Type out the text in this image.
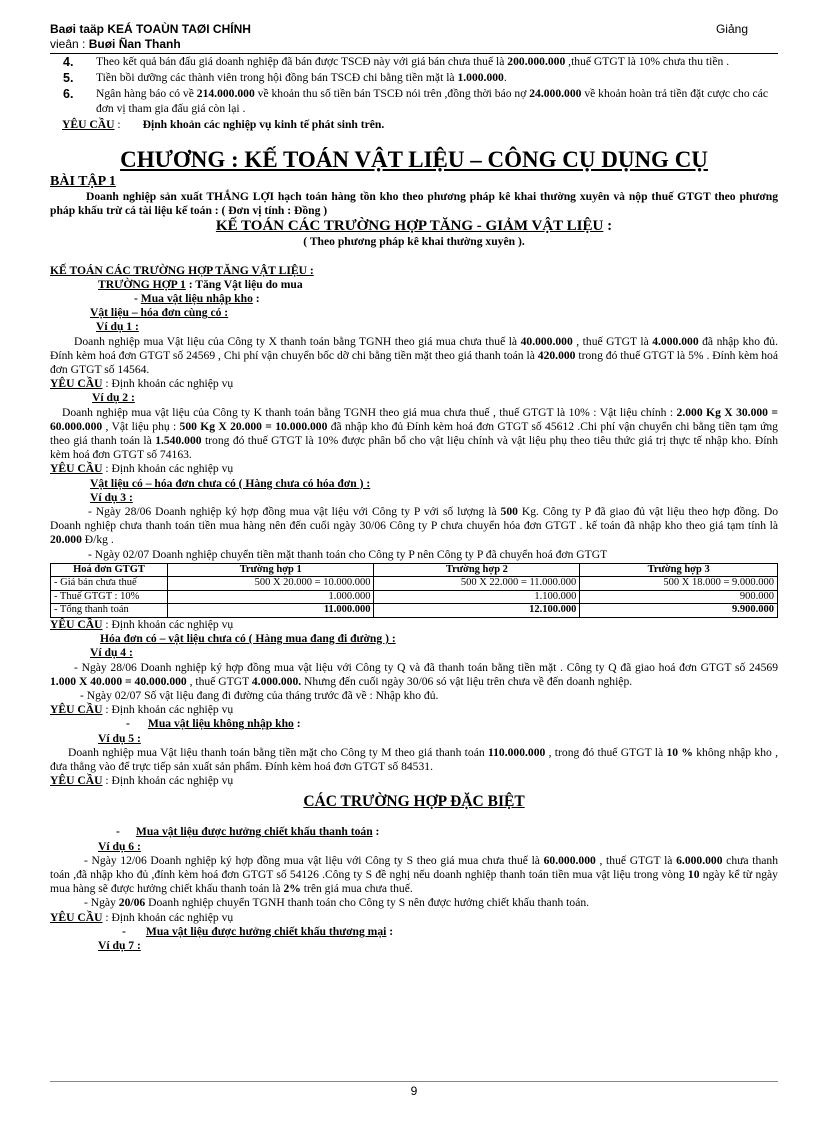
Baøi taäp KEÁ TOAÙN TAØI CHÍNH	Giảng
vieân : Buøi Ñan Thanh
4. Theo kết quả bán đấu giá doanh nghiệp đã bán được TSCĐ này với giá bán chưa thuế là 200.000.000 ,thuế GTGT là 10% chưa thu tiền .
5. Tiền bồi dưỡng các thành viên trong hội đồng bán TSCĐ chi bằng tiền mặt là 1.000.000.
6. Ngân hàng báo có về 214.000.000 về khoản thu số tiền bán TSCĐ nói trên ,đồng thời báo nợ 24.000.000 về khoản hoàn trả tiền đặt cược cho các đơn vị tham gia đấu giá còn lại .

YÊU CẦU : Định khoản các nghiệp vụ kinh tế phát sinh trên.

CHƯƠNG : KẾ TOÁN VẬT LIỆU – CÔNG CỤ DỤNG CỤ
BÀI TẬP 1

Doanh nghiệp sản xuất THẮNG LỢI hạch toán hàng tồn kho theo phương pháp kê khai thường xuyên và nộp thuế GTGT theo phương pháp khấu trừ cá tài liệu kế toán : ( Đơn vị tính : Đồng )

KẾ TOÁN CÁC TRƯỜNG HỢP TĂNG - GIẢM VẬT LIỆU :

( Theo phương pháp kê khai thường xuyên ).

KẾ TOÁN CÁC TRƯỜNG HỢP TĂNG VẬT LIỆU :

TRƯỜNG HỢP 1 : Tăng Vật liệu do mua

- Mua vật liệu nhập kho :

Vật liệu – hóa đơn cùng có :

Ví dụ 1 :

Doanh nghiệp mua Vật liệu của Công ty X thanh toán bằng TGNH theo giá mua chưa thuế là 40.000.000 , thuế GTGT là 4.000.000 đã nhập kho đủ. Đính kèm hoá đơn GTGT số 24569 , Chi phí vận chuyển bốc dỡ chi bằng tiền mặt theo giá thanh toán là 420.000 trong đó thuế GTGT là 5% . Đính kèm hoá đơn GTGT số 14564.

YÊU CẦU : Định khoản các nghiệp vụ

Ví dụ 2 :

Doanh nghiệp mua vật liệu của Công ty K thanh toán bằng TGNH theo giá mua chưa thuế , thuế GTGT là 10% : Vật liệu chính : 2.000 Kg X 30.000 = 60.000.000 , Vật liệu phụ : 500 Kg X 20.000 = 10.000.000 đã nhập kho đủ Đính kèm hoá đơn GTGT số 45612 .Chi phí vận chuyển chi bằng tiền tạm ứng theo giá thanh toán là 1.540.000 trong đó thuế GTGT là 10% được phân bổ cho vật liệu chính và vật liệu phụ theo tiêu thức giá trị thực tế nhập kho. Đính kèm hoá đơn GTGT số 74163.

YÊU CẦU : Định khoản các nghiệp vụ

Vật liệu có – hóa đơn chưa có ( Hàng chưa có hóa đơn ) :

Ví dụ 3 :

- Ngày 28/06 Doanh nghiệp ký hợp đồng mua vật liệu với Công ty P với số lượng là 500 Kg. Công ty P đã giao đủ vật liệu theo hợp đồng. Do Doanh nghiệp chưa thanh toán tiền mua hàng nên đến cuối ngày 30/06 Công ty P chưa chuyển hóa đơn GTGT . kế toán đã nhập kho theo giá tạm tính là 20.000 Đ/kg .

- Ngày 02/07 Doanh nghiệp chuyển tiền mặt thanh toán cho Công ty P nên Công ty P đã chuyển hoá đơn GTGT

Hoá đơn GTGT	Trường hợp 1	Trường hợp 2	Trường hợp 3
- Giá bán chưa thuế	500 X 20.000 = 10.000.000	500 X 22.000 = 11.000.000	500 X 18.000 = 9.000.000
- Thuế GTGT : 10%	1.000.000	1.100.000	900.000
- Tổng thanh toán	11.000.000	12.100.000	9.900.000

YÊU CẦU : Định khoản các nghiệp vụ

Hóa đơn có – vật liệu chưa có ( Hàng mua đang đi đường ) :

Ví dụ 4 :

- Ngày 28/06 Doanh nghiệp ký hợp đồng mua vật liệu với Công ty Q và đã thanh toán bằng tiền mặt . Công ty Q đã giao hoá đơn GTGT số 24569 1.000 X 40.000 = 40.000.000 , thuế GTGT 4.000.000. Nhưng đến cuối ngày 30/06 só vật liệu trên chưa về đến doanh nghiệp.

- Ngày 02/07 Số vật liệu đang đi đường của tháng trước đã về : Nhập kho đủ.

YÊU CẦU : Định khoản các nghiệp vụ

- Mua vật liệu không nhập kho :

Ví dụ 5 :

Doanh nghiệp mua Vật liệu thanh toán bằng tiền mặt cho Công ty M theo giá thanh toán 110.000.000 , trong đó thuế GTGT là 10 % không nhập kho , đưa thẳng vào để trực tiếp sản xuất sản phẩm. Đính kèm hoá đơn GTGT số 84531.

YÊU CẦU : Định khoản các nghiệp vụ

CÁC TRƯỜNG HỢP ĐẶC BIỆT

- Mua vật liệu được hưởng chiết khấu thanh toán :

Ví dụ 6 :

- Ngày 12/06 Doanh nghiệp ký hợp đồng mua vật liệu với Công ty S theo giá mua chưa thuế là 60.000.000 , thuế GTGT là 6.000.000 chưa thanh toán ,đã nhập kho đủ ,đính kèm hoá đơn GTGT số 54126 .Công ty S đề nghị nếu doanh nghiệp thanh toán tiền mua vật liệu trong vòng 10 ngày kể từ ngày mua hàng sẽ được hưởng chiết khấu thanh toán là 2% trên giá mua chưa thuế.

- Ngày 20/06 Doanh nghiệp chuyển TGNH thanh toán cho Công ty S nên được hưởng chiết khấu thanh toán.

YÊU CẦU : Định khoản các nghiệp vụ

- Mua vật liệu được hưởng chiết khấu thương mại :

Ví dụ 7 :

9
